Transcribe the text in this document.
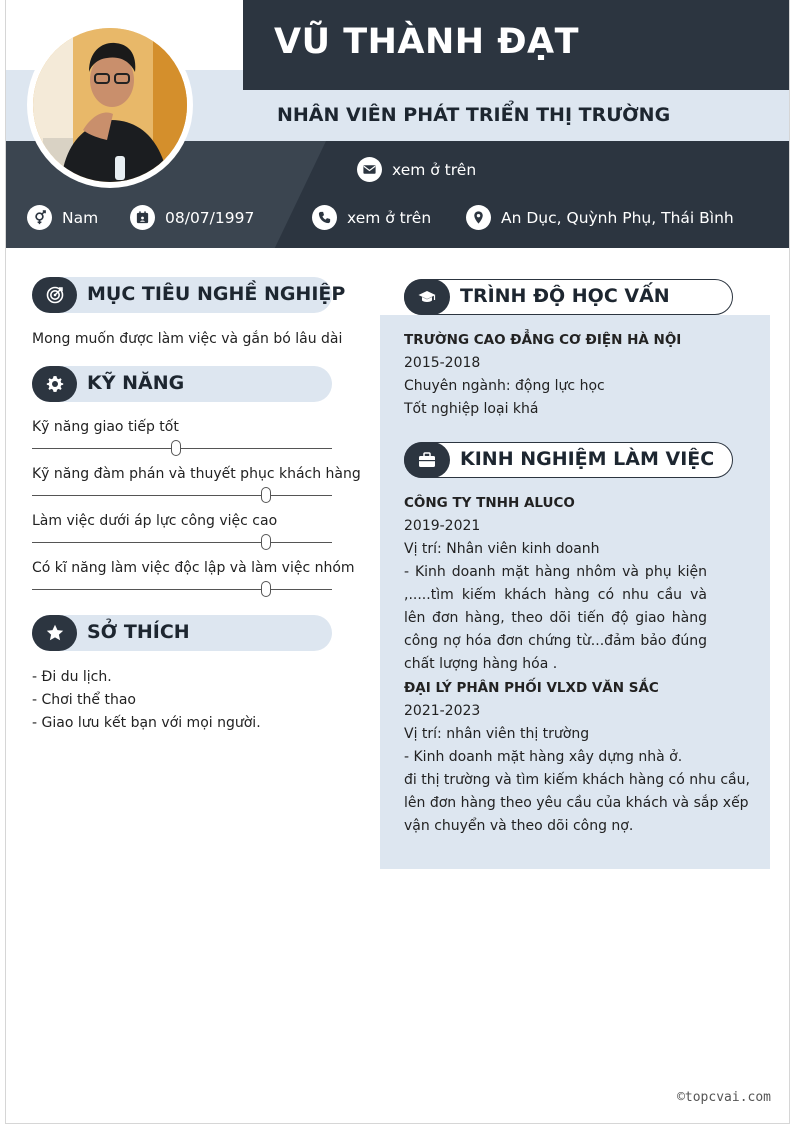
VŨ THÀNH ĐẠT
NHÂN VIÊN PHÁT TRIỂN THỊ TRƯỜNG
xem ở trên
Nam	08/07/1997	xem ở trên	An Dục, Quỳnh Phụ, Thái Bình
MỤC TIÊU NGHỀ NGHIỆP
Mong muốn được làm việc và gắn bó lâu dài
KỸ NĂNG
Kỹ năng giao tiếp tốt
Kỹ năng đàm phán và thuyết phục khách hàng
Làm việc dưới áp lực công việc cao
Có kĩ năng làm việc độc lập và làm việc nhóm
SỞ THÍCH
- Đi du lịch.
- Chơi thể thao
- Giao lưu kết bạn với mọi người.
TRÌNH ĐỘ HỌC VẤN
TRƯỜNG CAO ĐẲNG CƠ ĐIỆN HÀ NỘI
2015-2018
Chuyên ngành: động lực học
Tốt nghiệp loại khá
KINH NGHIỆM LÀM VIỆC
CÔNG TY TNHH ALUCO
2019-2021
Vị trí: Nhân viên kinh doanh
- Kinh doanh mặt hàng nhôm và phụ kiện ,.....tìm kiếm khách hàng có nhu cầu và lên đơn hàng, theo dõi tiến độ giao hàng công nợ hóa đơn chứng từ...đảm bảo đúng chất lượng hàng hóa .
ĐẠI LÝ PHÂN PHỐI VLXD VĂN SẮC
2021-2023
Vị trí: nhân viên thị trường
- Kinh doanh mặt hàng xây dựng nhà ở.
đi thị trường và tìm kiếm khách hàng có nhu cầu,
lên đơn hàng theo yêu cầu của khách và sắp xếp
vận chuyển và theo dõi công nợ.
©topcvai.com
